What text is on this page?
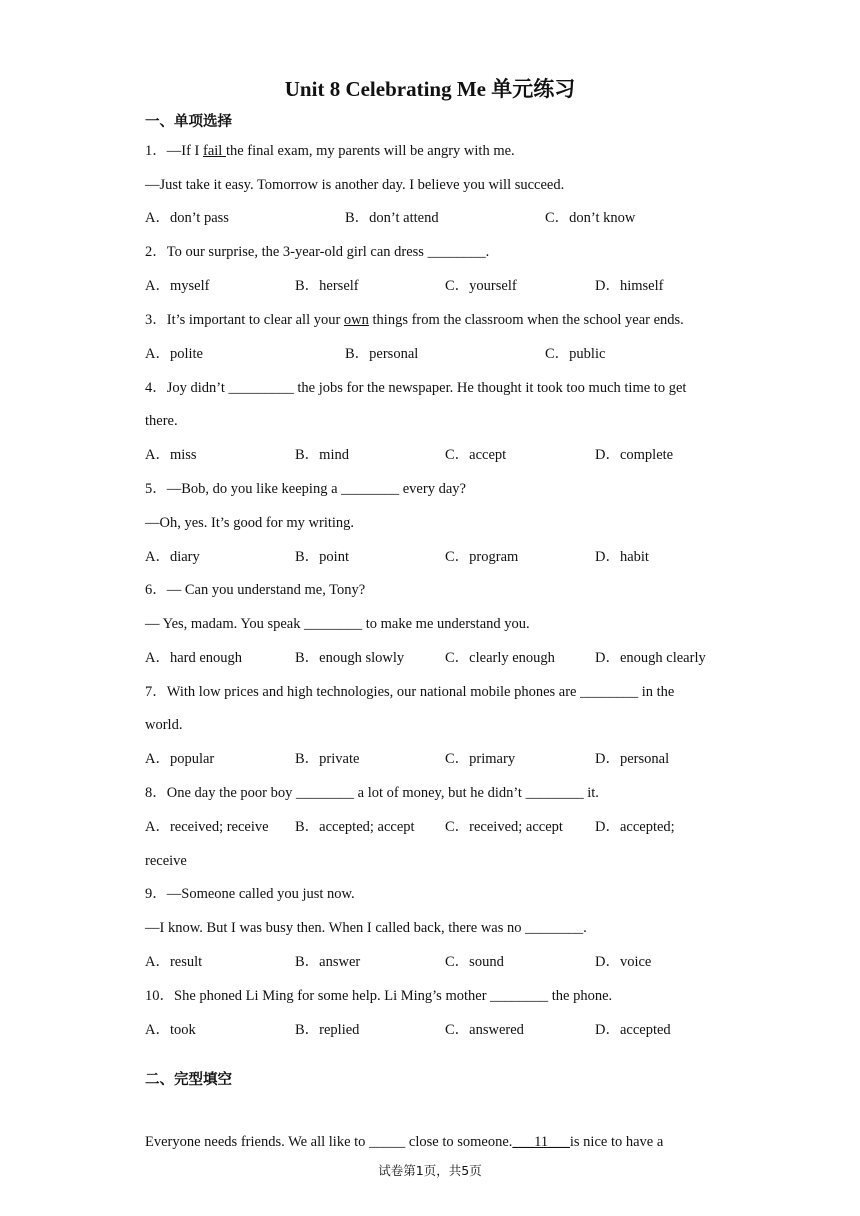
Unit 8 Celebrating Me 单元练习
一、单项选择
1．—If I fail the final exam, my parents will be angry with me.
—Just take it easy. Tomorrow is another day. I believe you will succeed.
A．don’t pass	B．don’t attend	C．don’t know
2．To our surprise, the 3-year-old girl can dress ________.
A．myself	B．herself	C．yourself	D．himself
3．It’s important to clear all your own things from the classroom when the school year ends.
A．polite	B．personal	C．public
4．Joy didn’t _________ the jobs for the newspaper. He thought it took too much time to get
there.
A．miss	B．mind	C．accept	D．complete
5．—Bob, do you like keeping a ________ every day?
—Oh, yes. It’s good for my writing.
A．diary	B．point	C．program	D．habit
6．— Can you understand me, Tony?
— Yes, madam. You speak ________ to make me understand you.
A．hard enough	B．enough slowly	C．clearly enough	D．enough clearly
7．With low prices and high technologies, our national mobile phones are ________ in the
world.
A．popular	B．private	C．primary	D．personal
8．One day the poor boy ________ a lot of money, but he didn’t ________ it.
A．received; receive B．accepted; accept C．received; accept D．accepted;
receive
9．—Someone called you just now.
—I know. But I was busy then. When I called back, there was no ________.
A．result	B．answer	C．sound	D．voice
10．She phoned Li Ming for some help. Li Ming’s mother ________ the phone.
A．took	B．replied	C．answered	D．accepted
二、完型填空
Everyone needs friends. We all like to _____ close to someone.___11___is nice to have a
试卷第1页，共5页
